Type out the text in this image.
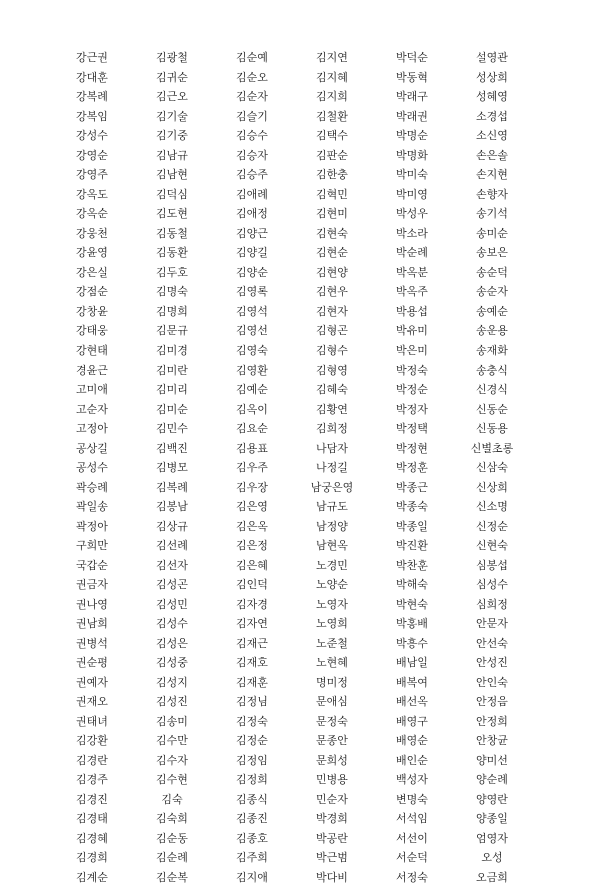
강근권	김광철	김순예	김지연	박덕순	설영관
강대훈	김귀순	김순오	김지혜	박동혁	성상희
강복례	김근오	김순자	김지희	박래구	성혜영
강복임	김기술	김슬기	김철환	박래권	소경섭
강성수	김기중	김승수	김택수	박명순	소신영
강영순	김남규	김승자	김판순	박명화	손은솔
강영주	김남현	김승주	김한충	박미숙	손지현
강옥도	김덕심	김애례	김혁민	박미영	손향자
강옥순	김도현	김애정	김현미	박성우	송기석
강웅천	김동철	김양근	김현숙	박소라	송미순
강윤영	김동환	김양길	김현순	박순례	송보은
강은실	김두호	김양순	김현양	박옥분	송순덕
강점순	김명숙	김영록	김현우	박옥주	송순자
강창윤	김명희	김영석	김현자	박용섭	송예순
강태웅	김문규	김영선	김형곤	박유미	송운용
강현태	김미경	김영숙	김형수	박은미	송재화
경윤근	김미란	김영환	김형영	박정숙	송충식
고미애	김미리	김예순	김혜숙	박정순	신경식
고순자	김미순	김옥이	김황연	박정자	신동순
고정아	김민수	김요순	김희정	박정택	신동용
공상길	김백진	김용표	나담자	박정현	신별초롱
공성수	김병모	김우주	나정길	박정훈	신삼숙
곽승례	김복례	김우장	남궁은영	박종근	신상희
곽일송	김봉남	김은영	남규도	박종숙	신소명
곽정아	김상규	김은옥	남정양	박종일	신정순
구희만	김선례	김은정	남현옥	박진환	신현숙
국갑순	김선자	김은혜	노경민	박찬훈	심봉섭
권금자	김성곤	김인덕	노양순	박해숙	심성수
권나영	김성민	김자경	노영자	박현숙	심희정
권남희	김성수	김자연	노영희	박홍배	안문자
권병석	김성은	김재근	노준철	박흥수	안선숙
권순평	김성중	김재호	노현혜	배남일	안성진
권예자	김성지	김재훈	명미정	배복여	안인숙
권재오	김성진	김정님	문애심	배선옥	안정음
권태녀	김송미	김정숙	문정숙	배영구	안정희
김강환	김수만	김정순	문종안	배영순	안창균
김경란	김수자	김정임	문희성	배인순	양미선
김경주	김수현	김정희	민병용	백성자	양순례
김경진	김숙	김종식	민순자	변명숙	양영란
김경태	김숙희	김종진	박경희	서석임	양종일
김경혜	김순동	김종호	박공란	서선이	엄영자
김경희	김순례	김주희	박근범	서순덕	오성
김계순	김순복	김지애	박다비	서정숙	오금희
